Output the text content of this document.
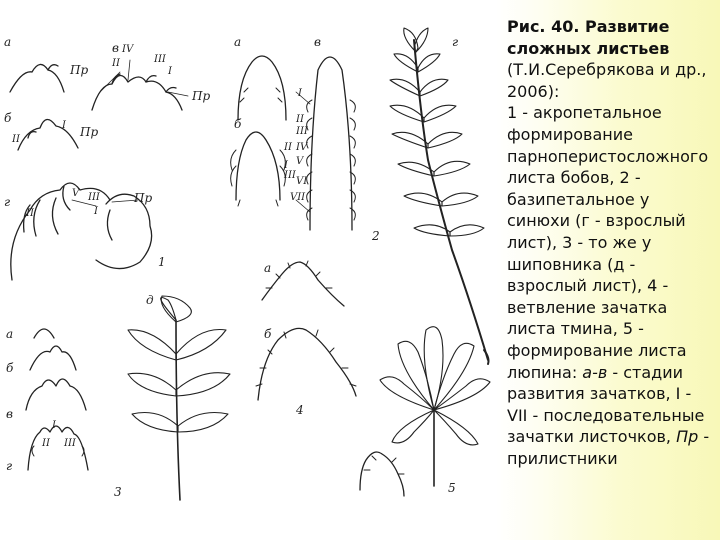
а
б
г
в
Пр
Пр
Пр
Пр
а
б
в	г
а
б
в
г
д
а
б
IV
II	III
I
I
II
V III
I
II
I
II
III
IV
V
VI
VII
II
I
III
I
II III
1
2
3
4
5
Рис. 40. Развитие
сложных листьев
(Т.И.Серебрякова и др.,
2006):
1 - акропетальное
формирование
парноперистосложного
листа бобов, 2 -
базипетальное у
синюхи (г - взрослый
лист), 3 - то же у
шиповника (д -
взрослый лист), 4 -
ветвление зачатка
листа тмина, 5 -
формирование листа
люпина: а-в - стадии
развития зачатков, I -
VII - последовательные
зачатки листочков, Пр -
прилистники
